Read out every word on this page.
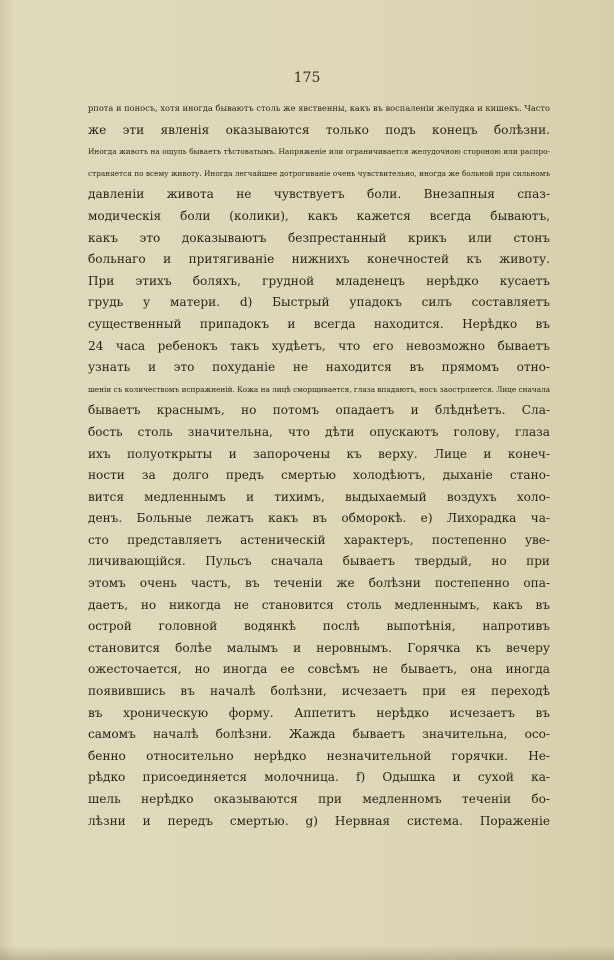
175
рпота и поносъ, хотя иногда бываютъ столь же явственны, какъ въ воспаленіи желудка и кишекъ. Часто
же эти явленія оказываются только подъ конецъ болѣзни.
Иногда животъ на ощупь бываетъ тѣстоватымъ. Напряженіе или ограничивается желудочною стороною или распро-
страняется по всему животу. Иногда легчайшее дотрогиваніе очень чувствительно, иногда же больной при сильномъ
давленіи живота не чувствуетъ боли. Внезапныя спаз-
модическія боли (колики), какъ кажется всегда бываютъ,
какъ это доказываютъ безпрестанный крикъ или стонъ
больнаго и притягиваніе нижнихъ конечностей къ животу.
При этихъ боляхъ, грудной младенецъ нерѣдко кусаетъ
грудь у матери. d) Быстрый упадокъ силъ составляетъ
существенный припадокъ и всегда находится. Нерѣдко въ
24 часа ребенокъ такъ худѣетъ, что его невозможно бываетъ
узнать и это похуданіе не находится въ прямомъ отно-
шеніи съ количествомъ испражненій. Кожа на лицѣ сморщивается, глаза впадаютъ, носъ заострляется. Лице сначала
бываетъ краснымъ, но потомъ опадаетъ и блѣднѣетъ. Сла-
бость столь значительна, что дѣти опускаютъ голову, глаза
ихъ полуоткрыты и запорочены къ верху. Лице и конеч-
ности за долго предъ смертью холодѣютъ, дыханіе стано-
вится медленнымъ и тихимъ, выдыхаемый воздухъ холо-
денъ. Больные лежатъ какъ въ обморокѣ. e) Лихорадка ча-
сто представляетъ астеническій характеръ, постепенно уве-
личивающійся. Пульсъ сначала бываетъ твердый, но при
этомъ очень частъ, въ теченіи же болѣзни постепенно опа-
даетъ, но никогда не становится столь медленнымъ, какъ въ
острой головной водянкѣ послѣ выпотѣнія, напротивъ
становится болѣе малымъ и неровнымъ. Горячка къ вечеру
ожесточается, но иногда ее совсѣмъ не бываетъ, она иногда
появившись въ началѣ болѣзни, исчезаетъ при ея переходѣ
въ хроническую форму. Аппетитъ нерѣдко исчезаетъ въ
самомъ началѣ болѣзни. Жажда бываетъ значительна, осо-
бенно относительно нерѣдко незначительной горячки. Не-
рѣдко присоединяется молочница. f) Одышка и сухой ка-
шель нерѣдко оказываются при медленномъ теченіи бо-
лѣзни и передъ смертью. g) Нервная система. Пораженіе
